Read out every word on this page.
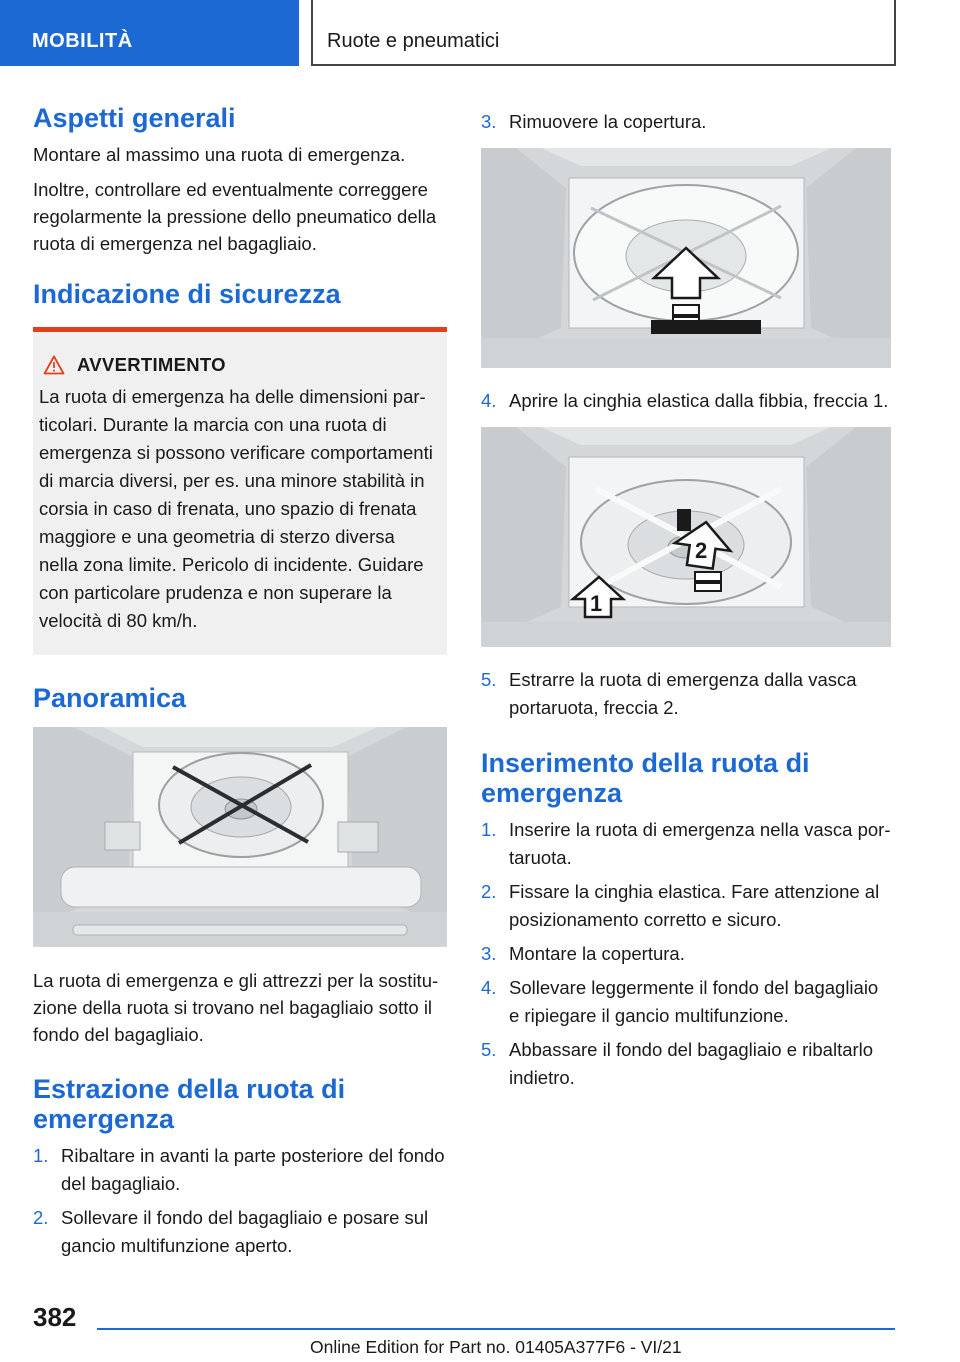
MOBILITÀ	Ruote e pneumatici
Aspetti generali

Montare al massimo una ruota di emergenza.

Inoltre, controllare ed eventualmente correggere regolarmente la pressione dello pneumatico della ruota di emergenza nel bagagliaio.

Indicazione di sicurezza
AVVERTIMENTO

La ruota di emergenza ha delle dimensioni particolari. Durante la marcia con una ruota di emergenza si possono verificare comportamenti di marcia diversi, per es. una minore stabilità in corsia in caso di frenata, uno spazio di frenata maggiore e una geometria di sterzo diversa nella zona limite. Pericolo di incidente. Guidare con particolare prudenza e non superare la velocità di 80 km/h.

Panoramica

La ruota di emergenza e gli attrezzi per la sostituzione della ruota si trovano nel bagagliaio sotto il fondo del bagagliaio.

Estrazione della ruota di emergenza
1. Ribaltare in avanti la parte posteriore del fondo del bagagliaio.
2. Sollevare il fondo del bagagliaio e posare sul gancio multifunzione aperto.
3. Rimuovere la copertura.
4. Aprire la cinghia elastica dalla fibbia, freccia 1.
2
1
5. Estrarre la ruota di emergenza dalla vasca portaruota, freccia 2.
Inserimento della ruota di emergenza
1. Inserire la ruota di emergenza nella vasca portaruota.
2. Fissare la cinghia elastica. Fare attenzione al posizionamento corretto e sicuro.
3. Montare la copertura.
4. Sollevare leggermente il fondo del bagagliaio e ripiegare il gancio multifunzione.
5. Abbassare il fondo del bagagliaio e ribaltarlo indietro.
382
Online Edition for Part no. 01405A377F6 - VI/21
